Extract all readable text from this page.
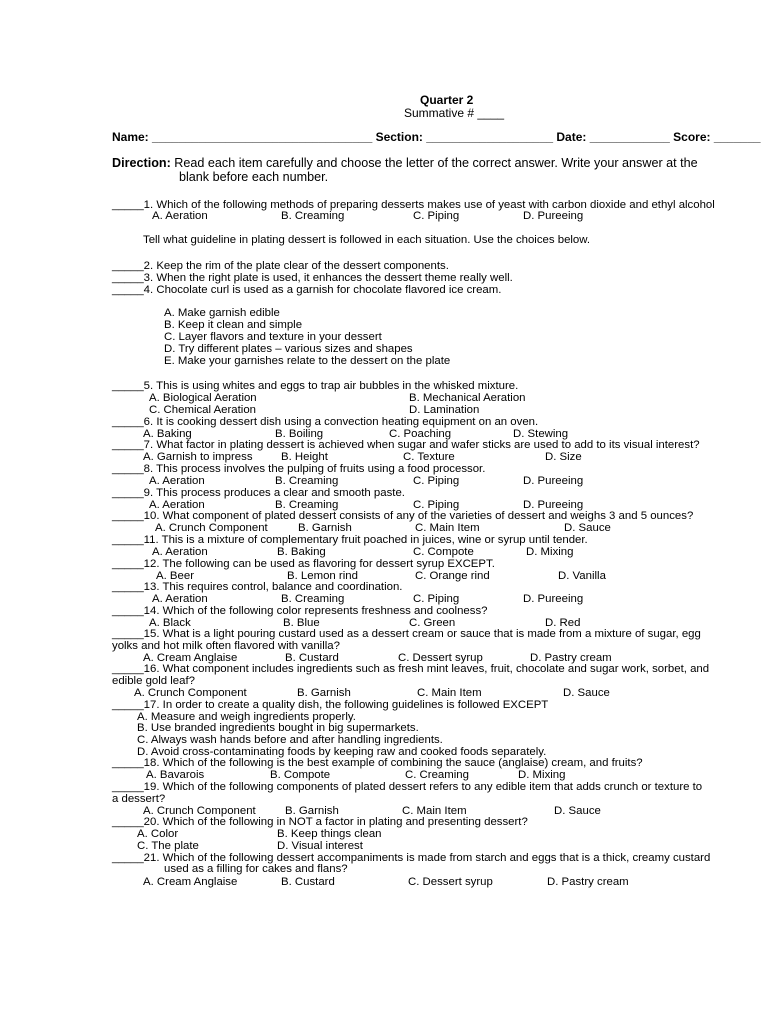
Quarter 2
Summative # ____
Name: _________________________________ Section: ___________________ Date: ____________ Score: _______
Direction: Read each item carefully and choose the letter of the correct answer. Write your answer at the
blank before each number.
_____1. Which of the following methods of preparing desserts makes use of yeast with carbon dioxide and ethyl alcohol
A. Aeration	B. Creaming	C. Piping	D. Pureeing
Tell what guideline in plating dessert is followed in each situation. Use the choices below.
_____2. Keep the rim of the plate clear of the dessert components.
_____3. When the right plate is used, it enhances the dessert theme really well.
_____4. Chocolate curl is used as a garnish for chocolate flavored ice cream.
A. Make garnish edible
B. Keep it clean and simple
C. Layer flavors and texture in your dessert
D. Try different plates – various sizes and shapes
E. Make your garnishes relate to the dessert on the plate
_____5. This is using whites and eggs to trap air bubbles in the whisked mixture.
A. Biological Aeration	B. Mechanical Aeration
C. Chemical Aeration	D. Lamination
_____6. It is cooking dessert dish using a convection heating equipment on an oven.
A. Baking	B. Boiling	C. Poaching	D. Stewing
_____7. What factor in plating dessert is achieved when sugar and wafer sticks are used to add to its visual interest?
A. Garnish to impress B. Height	C. Texture	D. Size
_____8. This process involves the pulping of fruits using a food processor.
A. Aeration	B. Creaming	C. Piping	D. Pureeing
_____9. This process produces a clear and smooth paste.
A. Aeration	B. Creaming	C. Piping	D. Pureeing
_____10. What component of plated dessert consists of any of the varieties of dessert and weighs 3 and 5 ounces?
A. Crunch Component	B. Garnish	C. Main Item	D. Sauce
_____11. This is a mixture of complementary fruit poached in juices, wine or syrup until tender.
A. Aeration	B. Baking	C. Compote	D. Mixing
_____12. The following can be used as flavoring for dessert syrup EXCEPT.
A. Beer	B. Lemon rind	C. Orange rind	D. Vanilla
_____13. This requires control, balance and coordination.
A. Aeration	B. Creaming	C. Piping	D. Pureeing
_____14. Which of the following color represents freshness and coolness?
A. Black	B. Blue	C. Green	D. Red
_____15. What is a light pouring custard used as a dessert cream or sauce that is made from a mixture of sugar, egg
yolks and hot milk often flavored with vanilla?
A. Cream Anglaise	B. Custard	C. Dessert syrup	D. Pastry cream
_____16. What component includes ingredients such as fresh mint leaves, fruit, chocolate and sugar work, sorbet, and
edible gold leaf?
A. Crunch Component	B. Garnish	C. Main Item	D. Sauce
_____17. In order to create a quality dish, the following guidelines is followed EXCEPT
A. Measure and weigh ingredients properly.
B. Use branded ingredients bought in big supermarkets.
C. Always wash hands before and after handling ingredients.
D. Avoid cross-contaminating foods by keeping raw and cooked foods separately.
_____18. Which of the following is the best example of combining the sauce (anglaise) cream, and fruits?
A. Bavarois	B. Compote	C. Creaming	D. Mixing
_____19. Which of the following components of plated dessert refers to any edible item that adds crunch or texture to
a dessert?
A. Crunch Component	B. Garnish	C. Main Item	D. Sauce
_____20. Which of the following in NOT a factor in plating and presenting dessert?
A. Color	B. Keep things clean
C. The plate	D. Visual interest
_____21. Which of the following dessert accompaniments is made from starch and eggs that is a thick, creamy custard
used as a filling for cakes and flans?
A. Cream Anglaise	B. Custard	C. Dessert syrup	D. Pastry cream
